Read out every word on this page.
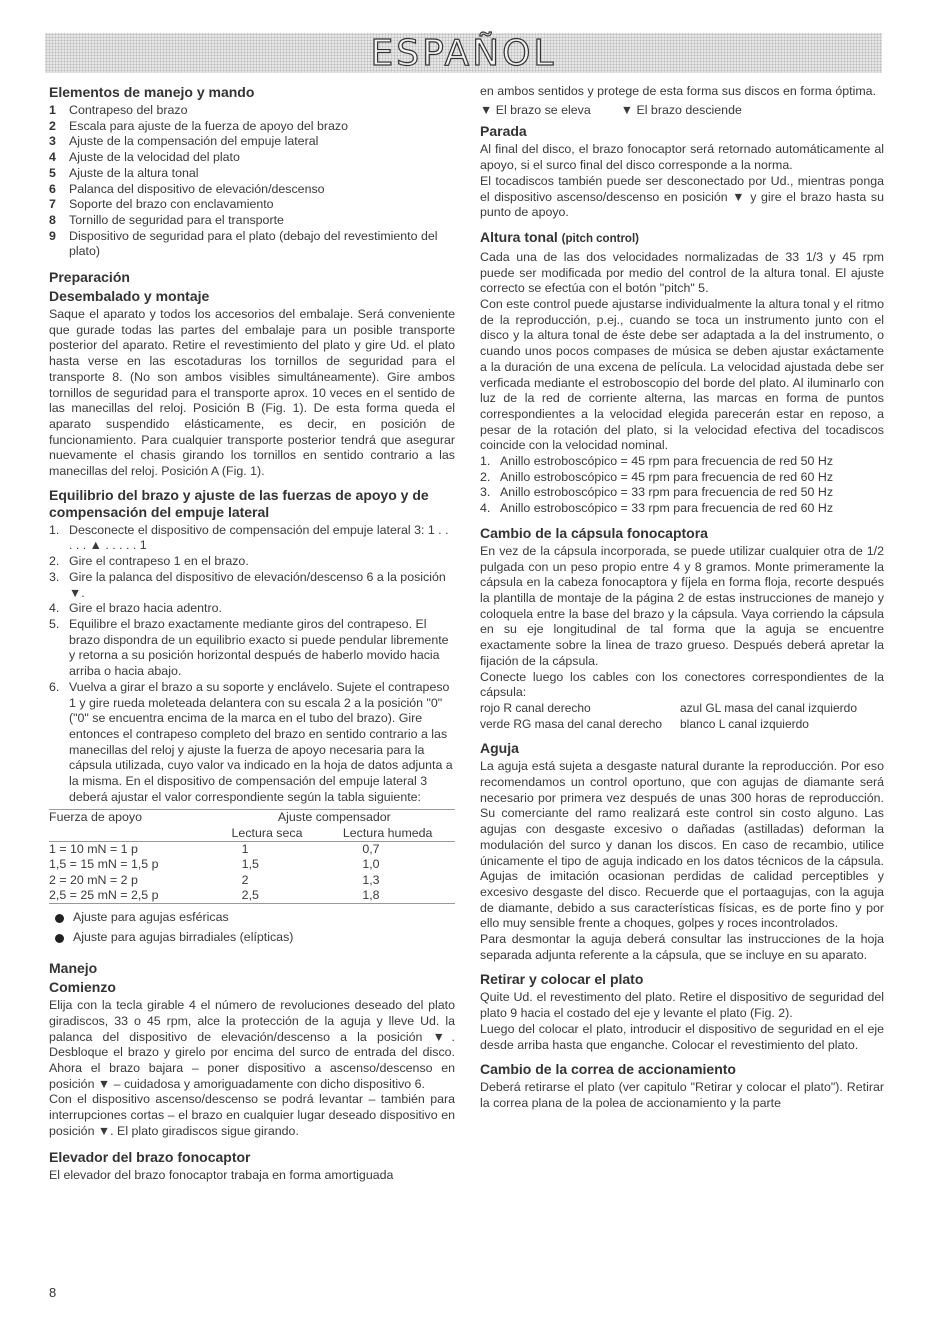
ESPAÑOL
Elementos de manejo y mando
1	Contrapeso del brazo
2	Escala para ajuste de la fuerza de apoyo del brazo
3	Ajuste de la compensación del empuje lateral
4	Ajuste de la velocidad del plato
5	Ajuste de la altura tonal
6	Palanca del dispositivo de elevación/descenso
7	Soporte del brazo con enclavamiento
8	Tornillo de seguridad para el transporte
9	Dispositivo de seguridad para el plato (debajo del revestimiento del plato)
Preparación
Desembalado y montaje

Saque el aparato y todos los accesorios del embalaje. Será conveniente que gurade todas las partes del embalaje para un posible transporte posterior del aparato. Retire el revestimiento del plato y gire Ud. el plato hasta verse en las escotaduras los tornillos de seguridad para el transporte 8. (No son ambos visibles simultáneamente). Gire ambos tornillos de seguridad para el transporte aprox. 10 veces en el sentido de las manecillas del reloj. Posición B (Fig. 1). De esta forma queda el aparato suspendido elásticamente, es decir, en posición de funcionamiento. Para cualquier transporte posterior tendrá que asegurar nuevamente el chasis girando los tornillos en sentido contrario a las manecillas del reloj. Posición A (Fig. 1).

Equilibrio del brazo y ajuste de las fuerzas de apoyo y de compensación del empuje lateral
1. Desconecte el dispositivo de compensación del empuje lateral 3: 1 . . . . . ▲ . . . . . 1
2. Gire el contrapeso 1 en el brazo.
3. Gire la palanca del dispositivo de elevación/descenso 6 a la posición ▼.
4. Gire el brazo hacia adentro.
5. Equilibre el brazo exactamente mediante giros del contrapeso. El brazo dispondra de un equilibrio exacto si puede pendular libremente y retorna a su posición horizontal después de haberlo movido hacia arriba o hacia abajo.
6. Vuelva a girar el brazo a su soporte y enclávelo. Sujete el contrapeso 1 y gire rueda moleteada delantera con su escala 2 a la posición "0" ("0" se encuentra encima de la marca en el tubo del brazo). Gire entonces el contrapeso completo del brazo en sentido contrario a las manecillas del reloj y ajuste la fuerza de apoyo necesaria para la cápsula utilizada, cuyo valor va indicado en la hoja de datos adjunta a la misma. En el dispositivo de compensación del empuje lateral 3 deberá ajustar el valor correspondiente según la tabla siguiente:
Fuerza de apoyo	Ajuste compensador	
	Lectura seca	Lectura humeda
1 = 10 mN = 1 p	1	0,7
1,5 = 15 mN = 1,5 p	1,5	1,0
2 = 20 mN = 2 p	2	1,3
2,5 = 25 mN = 2,5 p	2,5	1,8
Ajuste para agujas esféricas
Ajuste para agujas birradiales (elípticas)
Manejo
Comienzo

Elija con la tecla girable 4 el número de revoluciones deseado del plato giradiscos, 33 o 45 rpm, alce la protección de la aguja y lleve Ud. la palanca del dispositivo de elevación/descenso a la posición ▼. Desbloque el brazo y girelo por encima del surco de entrada del disco. Ahora el brazo bajara – poner dispositivo a ascenso/descenso en posición ▼ – cuidadosa y amoriguadamente con dicho dispositivo 6.

Con el dispositivo ascenso/descenso se podrá levantar – también para interrupciones cortas – el brazo en cualquier lugar deseado dispositivo en posición ▼. El plato giradiscos sigue girando.

Elevador del brazo fonocaptor

El elevador del brazo fonocaptor trabaja en forma amortiguada

en ambos sentidos y protege de esta forma sus discos en forma óptima.

▼ El brazo se eleva ▼ El brazo desciende
Parada

Al final del disco, el brazo fonocaptor será retornado automáticamente al apoyo, si el surco final del disco corresponde a la norma.

El tocadiscos también puede ser desconectado por Ud., mientras ponga el dispositivo ascenso/descenso en posición ▼ y gire el brazo hasta su punto de apoyo.

Altura tonal (pitch control)

Cada una de las dos velocidades normalizadas de 33 1/3 y 45 rpm puede ser modificada por medio del control de la altura tonal. El ajuste correcto se efectúa con el botón "pitch" 5.

Con este control puede ajustarse individualmente la altura tonal y el ritmo de la reproducción, p.ej., cuando se toca un instrumento junto con el disco y la altura tonal de éste debe ser adaptada a la del instrumento, o cuando unos pocos compases de música se deben ajustar exáctamente a la duración de una excena de película. La velocidad ajustada debe ser verficada mediante el estroboscopio del borde del plato. Al iluminarlo con luz de la red de corriente alterna, las marcas en forma de puntos correspondientes a la velocidad elegida parecerán estar en reposo, a pesar de la rotación del plato, si la velocidad efectiva del tocadiscos coincide con la velocidad nominal.

1. Anillo estroboscópico = 45 rpm para frecuencia de red 50 Hz
2. Anillo estroboscópico = 45 rpm para frecuencia de red 60 Hz
3. Anillo estroboscópico = 33 rpm para frecuencia de red 50 Hz
4. Anillo estroboscópico = 33 rpm para frecuencia de red 60 Hz
Cambio de la cápsula fonocaptora

En vez de la cápsula incorporada, se puede utilizar cualquier otra de 1/2 pulgada con un peso propio entre 4 y 8 gramos. Monte primeramente la cápsula en la cabeza fonocaptora y fíjela en forma floja, recorte después la plantilla de montaje de la página 2 de estas instrucciones de manejo y coloquela entre la base del brazo y la cápsula. Vaya corriendo la cápsula en su eje longitudinal de tal forma que la aguja se encuentre exactamente sobre la linea de trazo grueso. Después deberá apretar la fijación de la cápsula.

Conecte luego los cables con los conectores correspondientes de la cápsula:

rojo R canal derecho	azul GL masa del canal izquierdo
verde RG masa del canal derecho	blanco L canal izquierdo
Aguja

La aguja está sujeta a desgaste natural durante la reproducción. Por eso recomendamos un control oportuno, que con agujas de diamante será necesario por primera vez después de unas 300 horas de reproducción. Su comerciante del ramo realizará este control sin costo alguno. Las agujas con desgaste excesivo o dañadas (astilladas) deforman la modulación del surco y danan los discos. En caso de recambio, utilice únicamente el tipo de aguja indicado en los datos técnicos de la cápsula. Agujas de imitación ocasionan perdidas de calidad perceptibles y excesivo desgaste del disco. Recuerde que el portaagujas, con la aguja de diamante, debido a sus características físicas, es de porte fino y por ello muy sensible frente a choques, golpes y roces incontrolados.

Para desmontar la aguja deberá consultar las instrucciones de la hoja separada adjunta referente a la cápsula, que se incluye en su aparato.

Retirar y colocar el plato

Quite Ud. el revestimento del plato. Retire el dispositivo de seguridad del plato 9 hacia el costado del eje y levante el plato (Fig. 2).

Luego del colocar el plato, introducir el dispositivo de seguridad en el eje desde arriba hasta que enganche. Colocar el revestimiento del plato.

Cambio de la correa de accionamiento

Deberá retirarse el plato (ver capitulo "Retirar y colocar el plato"). Retirar la correa plana de la polea de accionamiento y la parte

8
